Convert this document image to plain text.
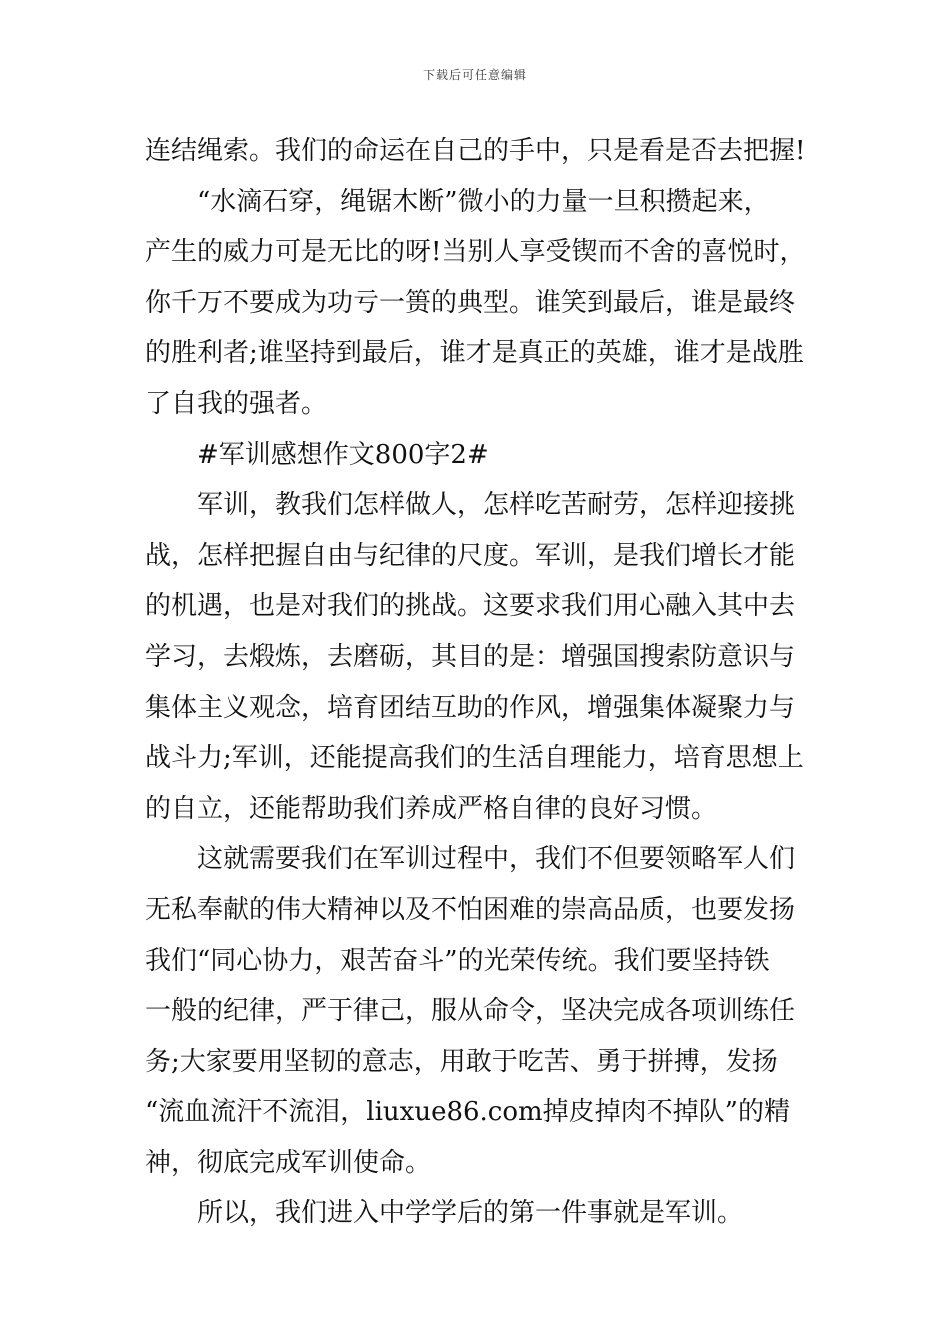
下载后可任意编辑
连结绳索。我们的命运在自己的手中，只是看是否去把握!
“水滴石穿，绳锯木断”微小的力量一旦积攒起来，
产生的威力可是无比的呀!当别人享受锲而不舍的喜悦时，
你千万不要成为功亏一篑的典型。谁笑到最后，谁是最终
的胜利者;谁坚持到最后，谁才是真正的英雄，谁才是战胜
了自我的强者。
#军训感想作文800字2#
军训，教我们怎样做人，怎样吃苦耐劳，怎样迎接挑
战，怎样把握自由与纪律的尺度。军训，是我们增长才能
的机遇，也是对我们的挑战。这要求我们用心融入其中去
学习，去煅炼，去磨砺，其目的是：增强国搜索防意识与
集体主义观念，培育团结互助的作风，增强集体凝聚力与
战斗力;军训，还能提高我们的生活自理能力，培育思想上
的自立，还能帮助我们养成严格自律的良好习惯。
这就需要我们在军训过程中，我们不但要领略军人们
无私奉献的伟大精神以及不怕困难的崇高品质，也要发扬
我们“同心协力，艰苦奋斗”的光荣传统。我们要坚持铁
一般的纪律，严于律己，服从命令，坚决完成各项训练任
务;大家要用坚韧的意志，用敢于吃苦、勇于拼搏，发扬
“流血流汗不流泪，liuxue86.com掉皮掉肉不掉队”的精
神，彻底完成军训使命。
所以，我们进入中学学后的第一件事就是军训。
